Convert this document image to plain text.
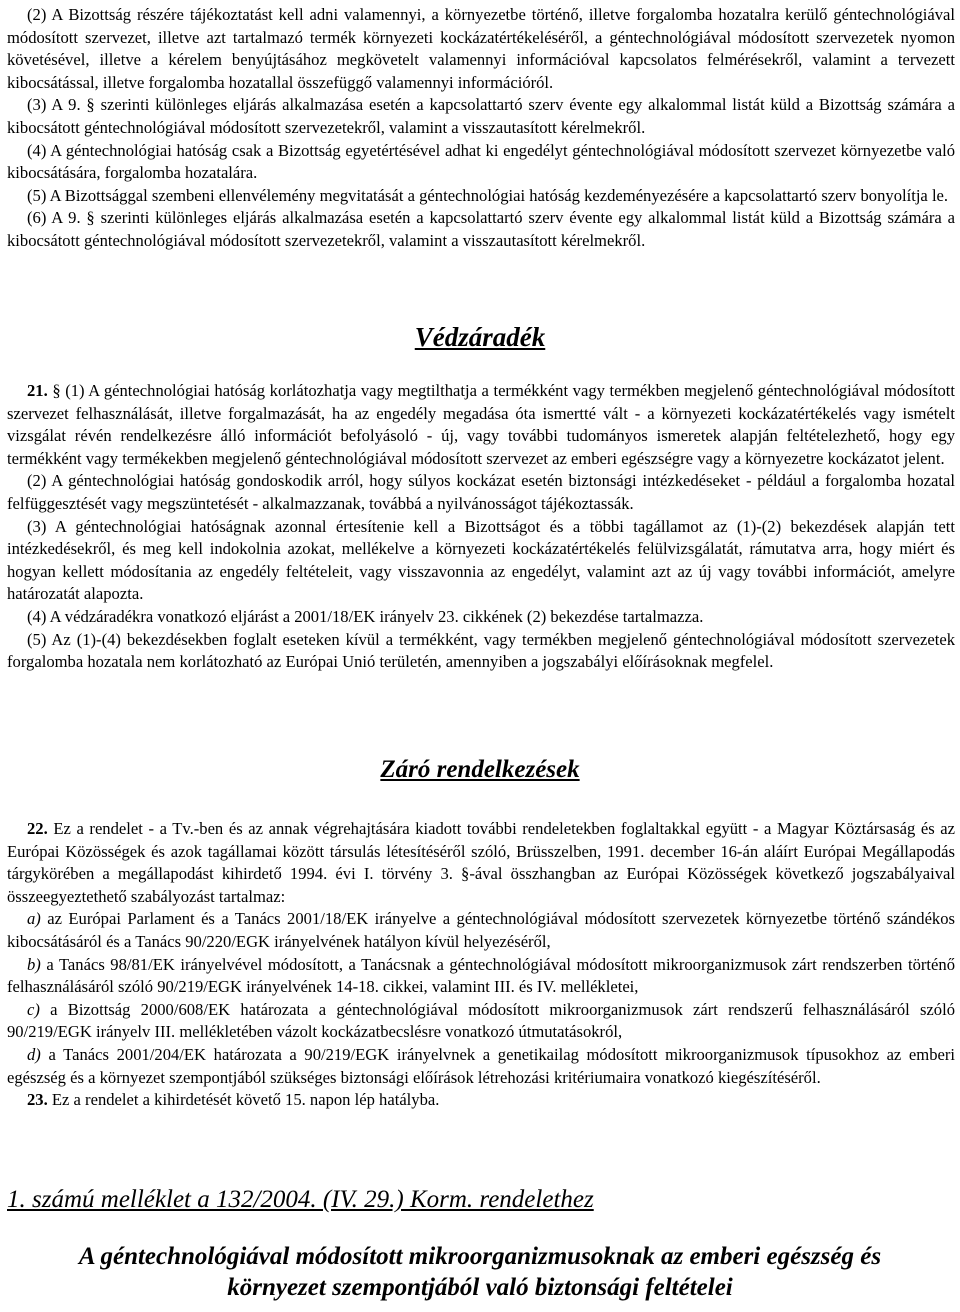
(2) A Bizottság részére tájékoztatást kell adni valamennyi, a környezetbe történő, illetve forgalomba hozatalra kerülő géntechnológiával módosított szervezet, illetve azt tartalmazó termék környezeti kockázatértékeléséről, a géntechnológiával módosított szervezetek nyomon követésével, illetve a kérelem benyújtásához megkövetelt valamennyi információval kapcsolatos felmérésekről, valamint a tervezett kibocsátással, illetve forgalomba hozatallal összefüggő valamennyi információról.

(3) A 9. § szerinti különleges eljárás alkalmazása esetén a kapcsolattartó szerv évente egy alkalommal listát küld a Bizottság számára a kibocsátott géntechnológiával módosított szervezetekről, valamint a visszautasított kérelmekről.

(4) A géntechnológiai hatóság csak a Bizottság egyetértésével adhat ki engedélyt géntechnológiával módosított szervezet környezetbe való kibocsátására, forgalomba hozatalára.

(5) A Bizottsággal szembeni ellenvélemény megvitatását a géntechnológiai hatóság kezdeményezésére a kapcsolattartó szerv bonyolítja le.

(6) A 9. § szerinti különleges eljárás alkalmazása esetén a kapcsolattartó szerv évente egy alkalommal listát küld a Bizottság számára a kibocsátott géntechnológiával módosított szervezetekről, valamint a visszautasított kérelmekről.

Védzáradék

21. § (1) A géntechnológiai hatóság korlátozhatja vagy megtilthatja a termékként vagy termékben megjelenő géntechnológiával módosított szervezet felhasználását, illetve forgalmazását, ha az engedély megadása óta ismertté vált - a környezeti kockázatértékelés vagy ismételt vizsgálat révén rendelkezésre álló információt befolyásoló - új, vagy további tudományos ismeretek alapján feltételezhető, hogy egy termékként vagy termékekben megjelenő géntechnológiával módosított szervezet az emberi egészségre vagy a környezetre kockázatot jelent.

(2) A géntechnológiai hatóság gondoskodik arról, hogy súlyos kockázat esetén biztonsági intézkedéseket - például a forgalomba hozatal felfüggesztését vagy megszüntetését - alkalmazzanak, továbbá a nyilvánosságot tájékoztassák.

(3) A géntechnológiai hatóságnak azonnal értesítenie kell a Bizottságot és a többi tagállamot az (1)-(2) bekezdések alapján tett intézkedésekről, és meg kell indokolnia azokat, mellékelve a környezeti kockázatértékelés felülvizsgálatát, rámutatva arra, hogy miért és hogyan kellett módosítania az engedély feltételeit, vagy visszavonnia az engedélyt, valamint azt az új vagy további információt, amelyre határozatát alapozta.

(4) A védzáradékra vonatkozó eljárást a 2001/18/EK irányelv 23. cikkének (2) bekezdése tartalmazza.

(5) Az (1)-(4) bekezdésekben foglalt eseteken kívül a termékként, vagy termékben megjelenő géntechnológiával módosított szervezetek forgalomba hozatala nem korlátozható az Európai Unió területén, amennyiben a jogszabályi előírásoknak megfelel.

Záró rendelkezések

22. Ez a rendelet - a Tv.-ben és az annak végrehajtására kiadott további rendeletekben foglaltakkal együtt - a Magyar Köztársaság és az Európai Közösségek és azok tagállamai között társulás létesítéséről szóló, Brüsszelben, 1991. december 16-án aláírt Európai Megállapodás tárgykörében a megállapodást kihirdető 1994. évi I. törvény 3. §-ával összhangban az Európai Közösségek következő jogszabályaival összeegyeztethető szabályozást tartalmaz:

a) az Európai Parlament és a Tanács 2001/18/EK irányelve a géntechnológiával módosított szervezetek környezetbe történő szándékos kibocsátásáról és a Tanács 90/220/EGK irányelvének hatályon kívül helyezéséről,

b) a Tanács 98/81/EK irányelvével módosított, a Tanácsnak a géntechnológiával módosított mikroorganizmusok zárt rendszerben történő felhasználásáról szóló 90/219/EGK irányelvének 14-18. cikkei, valamint III. és IV. mellékletei,

c) a Bizottság 2000/608/EK határozata a géntechnológiával módosított mikroorganizmusok zárt rendszerű felhasználásáról szóló 90/219/EGK irányelv III. mellékletében vázolt kockázatbecslésre vonatkozó útmutatásokról,

d) a Tanács 2001/204/EK határozata a 90/219/EGK irányelvnek a genetikailag módosított mikroorganizmusok típusokhoz az emberi egészség és a környezet szempontjából szükséges biztonsági előírások létrehozási kritériumaira vonatkozó kiegészítéséről.

23. Ez a rendelet a kihirdetését követő 15. napon lép hatályba.

1. számú melléklet a 132/2004. (IV. 29.) Korm. rendelethez
A géntechnológiával módosított mikroorganizmusoknak az emberi egészség és
környezet szempontjából való biztonsági feltételei
